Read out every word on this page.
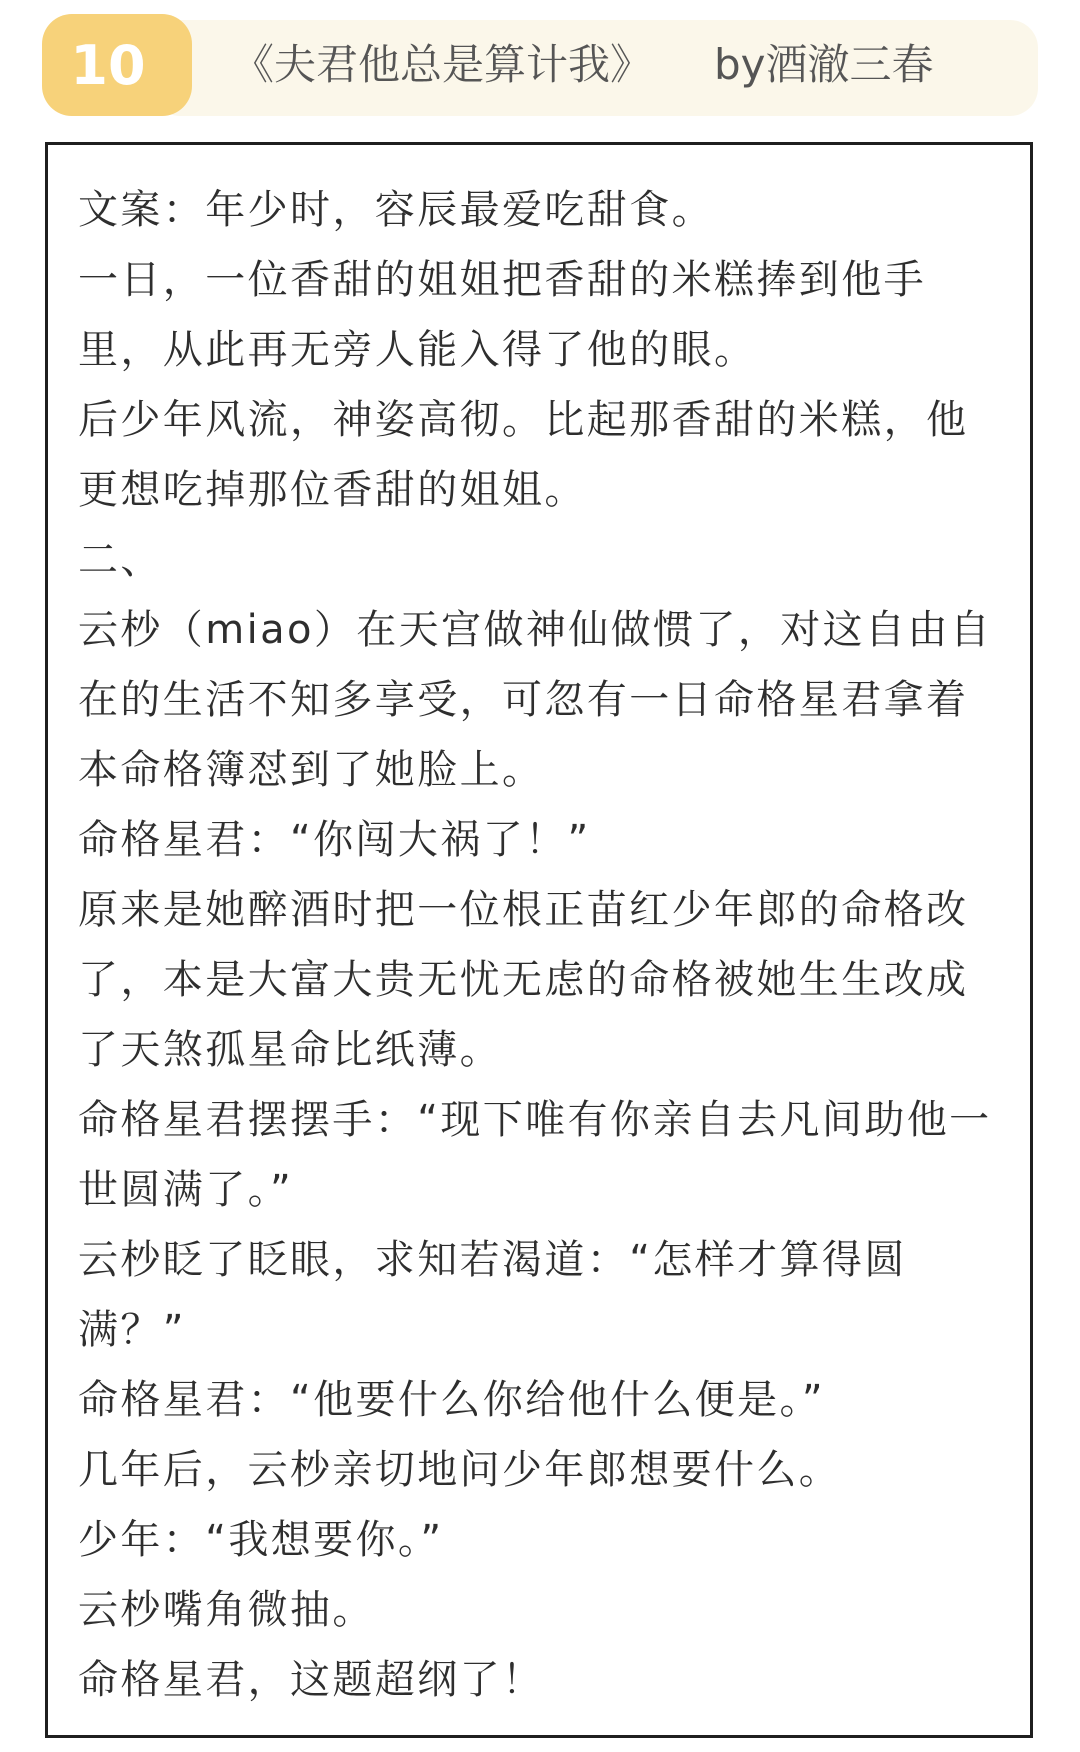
10	《夫君他总是算计我》 by酒澈三春

文案：年少时，容辰最爱吃甜食。

一日，一位香甜的姐姐把香甜的米糕捧到他手里，从此再无旁人能入得了他的眼。

后少年风流，神姿高彻。比起那香甜的米糕，他更想吃掉那位香甜的姐姐。

二、

云杪（miao）在天宫做神仙做惯了，对这自由自在的生活不知多享受，可忽有一日命格星君拿着本命格簿怼到了她脸上。

命格星君：“你闯大祸了！”

原来是她醉酒时把一位根正苗红少年郎的命格改了，本是大富大贵无忧无虑的命格被她生生改成了天煞孤星命比纸薄。

命格星君摆摆手：“现下唯有你亲自去凡间助他一世圆满了。”

云杪眨了眨眼，求知若渴道：“怎样才算得圆满？”

命格星君：“他要什么你给他什么便是。”

几年后，云杪亲切地问少年郎想要什么。

少年：“我想要你。”

云杪嘴角微抽。

命格星君，这题超纲了！
